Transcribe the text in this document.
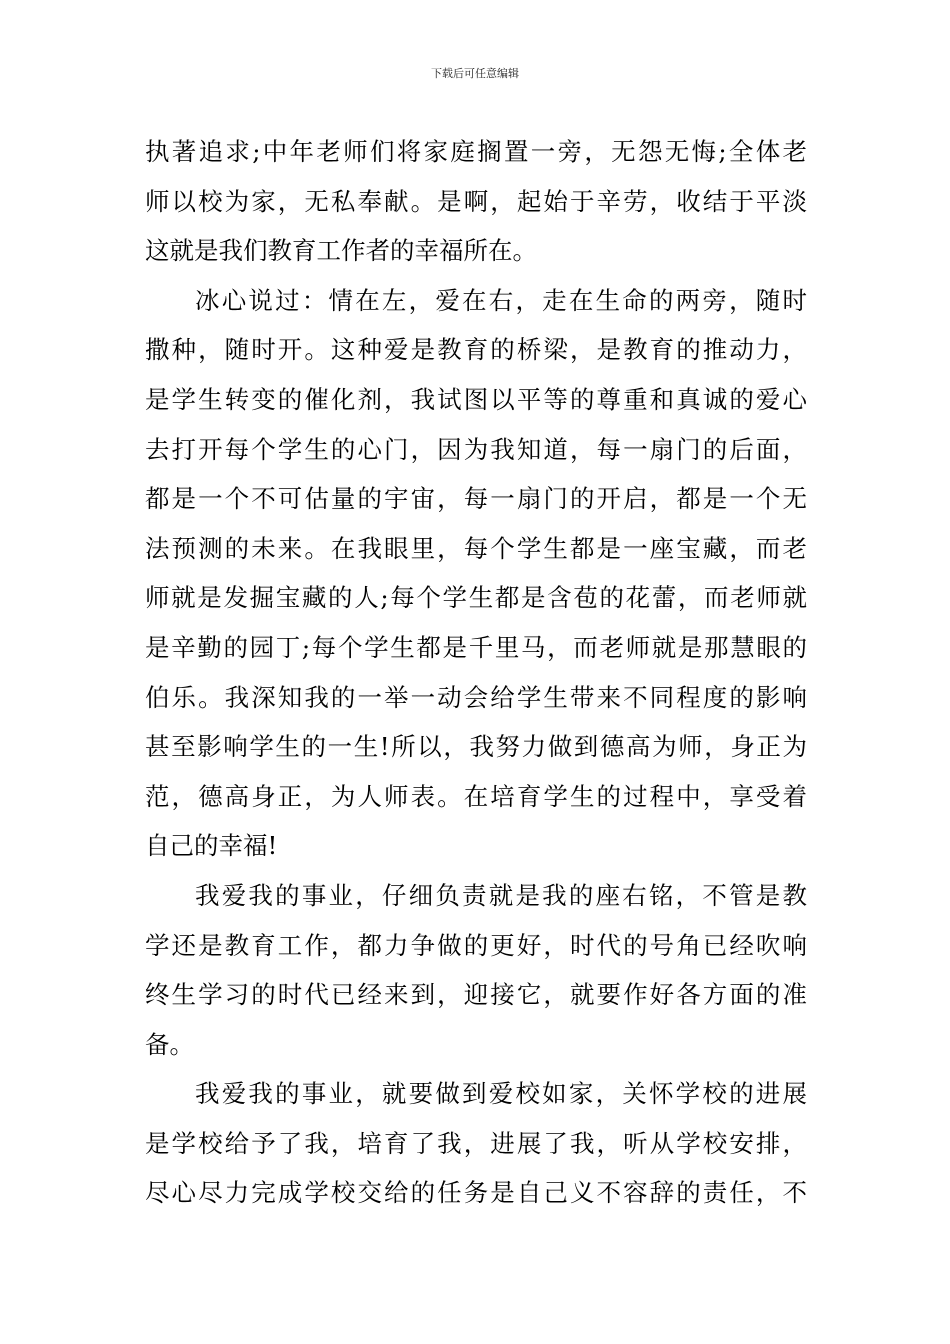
下载后可任意编辑
执著追求;中年老师们将家庭搁置一旁，无怨无悔;全体老
师以校为家，无私奉献。是啊，起始于辛劳，收结于平淡
这就是我们教育工作者的幸福所在。
冰心说过：情在左，爱在右，走在生命的两旁，随时
撒种，随时开。这种爱是教育的桥梁，是教育的推动力，
是学生转变的催化剂，我试图以平等的尊重和真诚的爱心
去打开每个学生的心门，因为我知道，每一扇门的后面，
都是一个不可估量的宇宙，每一扇门的开启，都是一个无
法预测的未来。在我眼里，每个学生都是一座宝藏，而老
师就是发掘宝藏的人;每个学生都是含苞的花蕾，而老师就
是辛勤的园丁;每个学生都是千里马，而老师就是那慧眼的
伯乐。我深知我的一举一动会给学生带来不同程度的影响
甚至影响学生的一生!所以，我努力做到德高为师，身正为
范，德高身正，为人师表。在培育学生的过程中，享受着
自己的幸福!
我爱我的事业，仔细负责就是我的座右铭，不管是教
学还是教育工作，都力争做的更好，时代的号角已经吹响
终生学习的时代已经来到，迎接它，就要作好各方面的准
备。
我爱我的事业，就要做到爱校如家，关怀学校的进展
是学校给予了我，培育了我，进展了我，听从学校安排，
尽心尽力完成学校交给的任务是自己义不容辞的责任，不
